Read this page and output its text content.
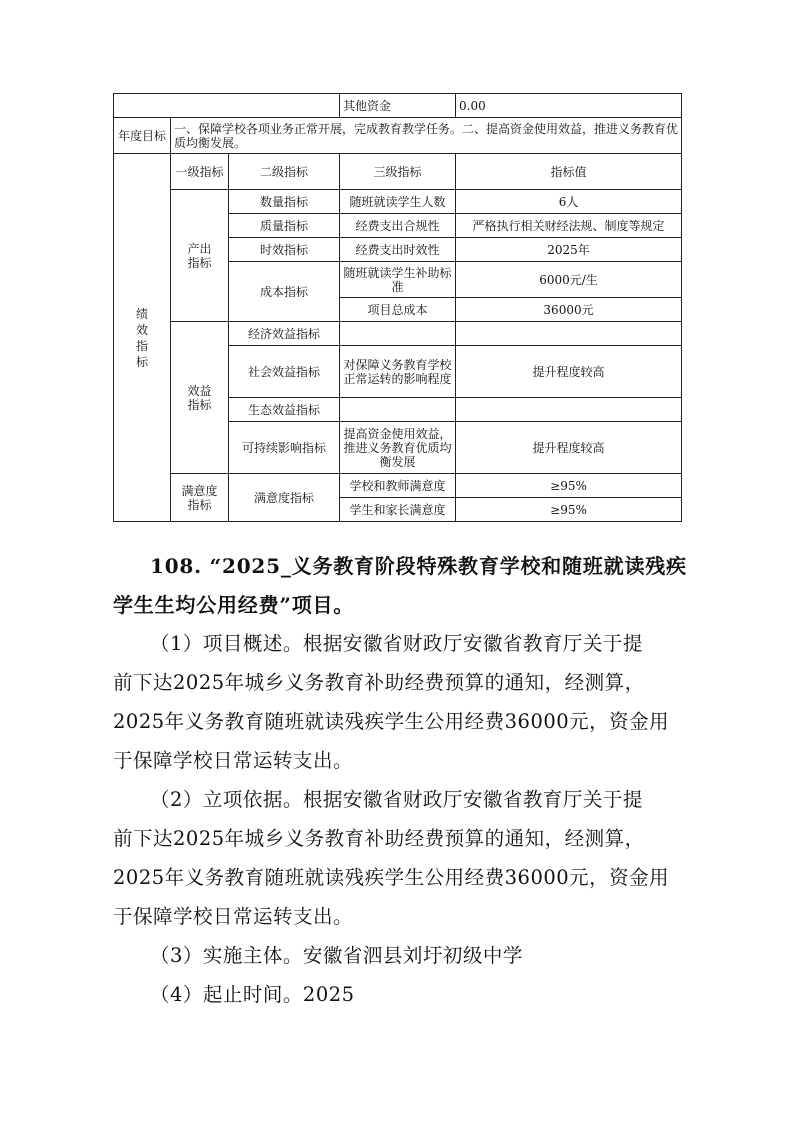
			其他资金	0.00
年度目标	一、保障学校各项业务正常开展，完成教育教学任务。二、提高资金使用效益，推进义务教育优质均衡发展。			
绩效指标	一级指标	二级指标	三级指标	指标值
	产出指标	数量指标	随班就读学生人数	6人
		质量指标	经费支出合规性	严格执行相关财经法规、制度等规定
		时效指标	经费支出时效性	2025年
		成本指标	随班就读学生补助标准	6000元/生
			项目总成本	36000元

	效益指标	经济效益指标		
		社会效益指标	对保障义务教育学校正常运转的影响程度	提升程度较高
		生态效益指标		
		可持续影响指标	提高资金使用效益，推进义务教育优质均衡发展	提升程度较高
	满意度指标	满意度指标	学校和教师满意度	≥95%
			学生和家长满意度	≥95%
108. “2025_义务教育阶段特殊教育学校和随班就读残疾
学生生均公用经费”项目。
（1）项目概述。根据安徽省财政厅安徽省教育厅关于提
前下达2025年城乡义务教育补助经费预算的通知，经测算，
2025年义务教育随班就读残疾学生公用经费36000元，资金用
于保障学校日常运转支出。
（2）立项依据。根据安徽省财政厅安徽省教育厅关于提
前下达2025年城乡义务教育补助经费预算的通知，经测算，
2025年义务教育随班就读残疾学生公用经费36000元，资金用
于保障学校日常运转支出。
（3）实施主体。安徽省泗县刘圩初级中学
（4）起止时间。2025
